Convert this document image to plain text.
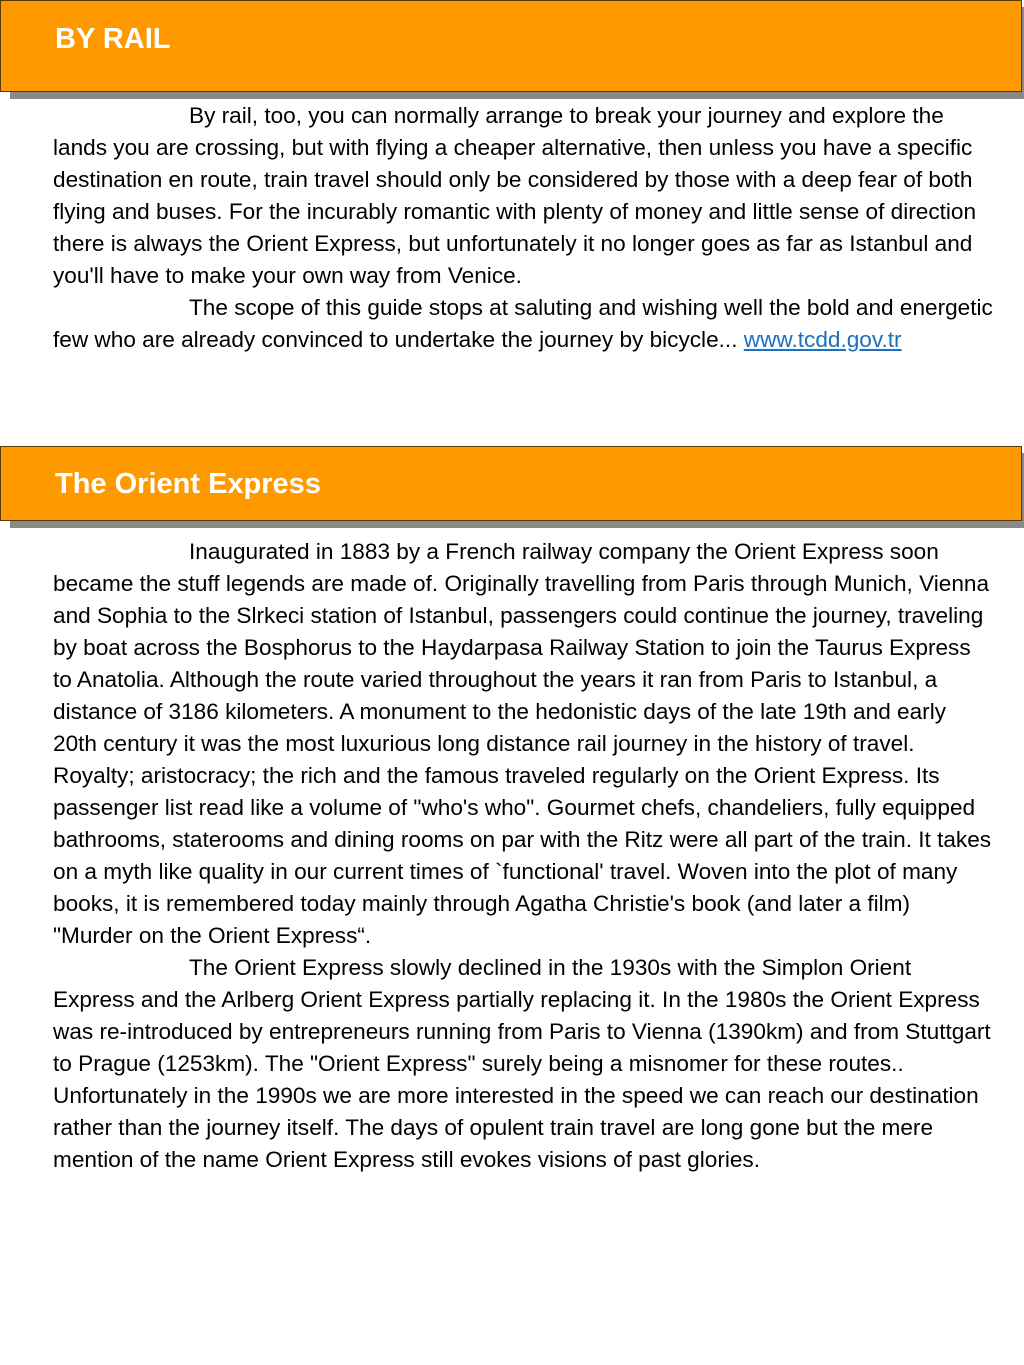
BY RAIL

By rail, too, you can normally arrange to break your journey and explore the lands you are crossing, but with flying a cheaper alternative, then unless you have a specific destination en route, train travel should only be considered by those with a deep fear of both flying and buses. For the incurably romantic with plenty of money and little sense of direction there is always the Orient Express, but unfortunately it no longer goes as far as Istanbul and you'll have to make your own way from Venice.

The scope of this guide stops at saluting and wishing well the bold and energetic few who are already convinced to undertake the journey by bicycle... www.tcdd.gov.tr

The Orient Express

Inaugurated in 1883 by a French railway company the Orient Express soon became the stuff legends are made of. Originally travelling from Paris through Munich, Vienna and Sophia to the Slrkeci station of Istanbul, passengers could continue the journey, traveling by boat across the Bosphorus to the Haydarpasa Railway Station to join the Taurus Express to Anatolia. Although the route varied throughout the years it ran from Paris to Istanbul, a distance of 3186 kilometers. A monument to the hedonistic days of the late 19th and early 20th century it was the most luxurious long distance rail journey in the history of travel. Royalty; aristocracy; the rich and the famous traveled regularly on the Orient Express. Its passenger list read like a volume of "who's who". Gourmet chefs, chandeliers, fully equipped bathrooms, staterooms and dining rooms on par with the Ritz were all part of the train. It takes on a myth like quality in our current times of `functional' travel. Woven into the plot of many books, it is remembered today mainly through Agatha Christie's book (and later a film) "Murder on the Orient Express“.

The Orient Express slowly declined in the 1930s with the Simplon Orient Express and the Arlberg Orient Express partially replacing it. In the 1980s the Orient Express was re-introduced by entrepreneurs running from Paris to Vienna (1390km) and from Stuttgart to Prague (1253km). The "Orient Express" surely being a misnomer for these routes.. Unfortunately in the 1990s we are more interested in the speed we can reach our destination rather than the journey itself. The days of opulent train travel are long gone but the mere mention of the name Orient Express still evokes visions of past glories.
